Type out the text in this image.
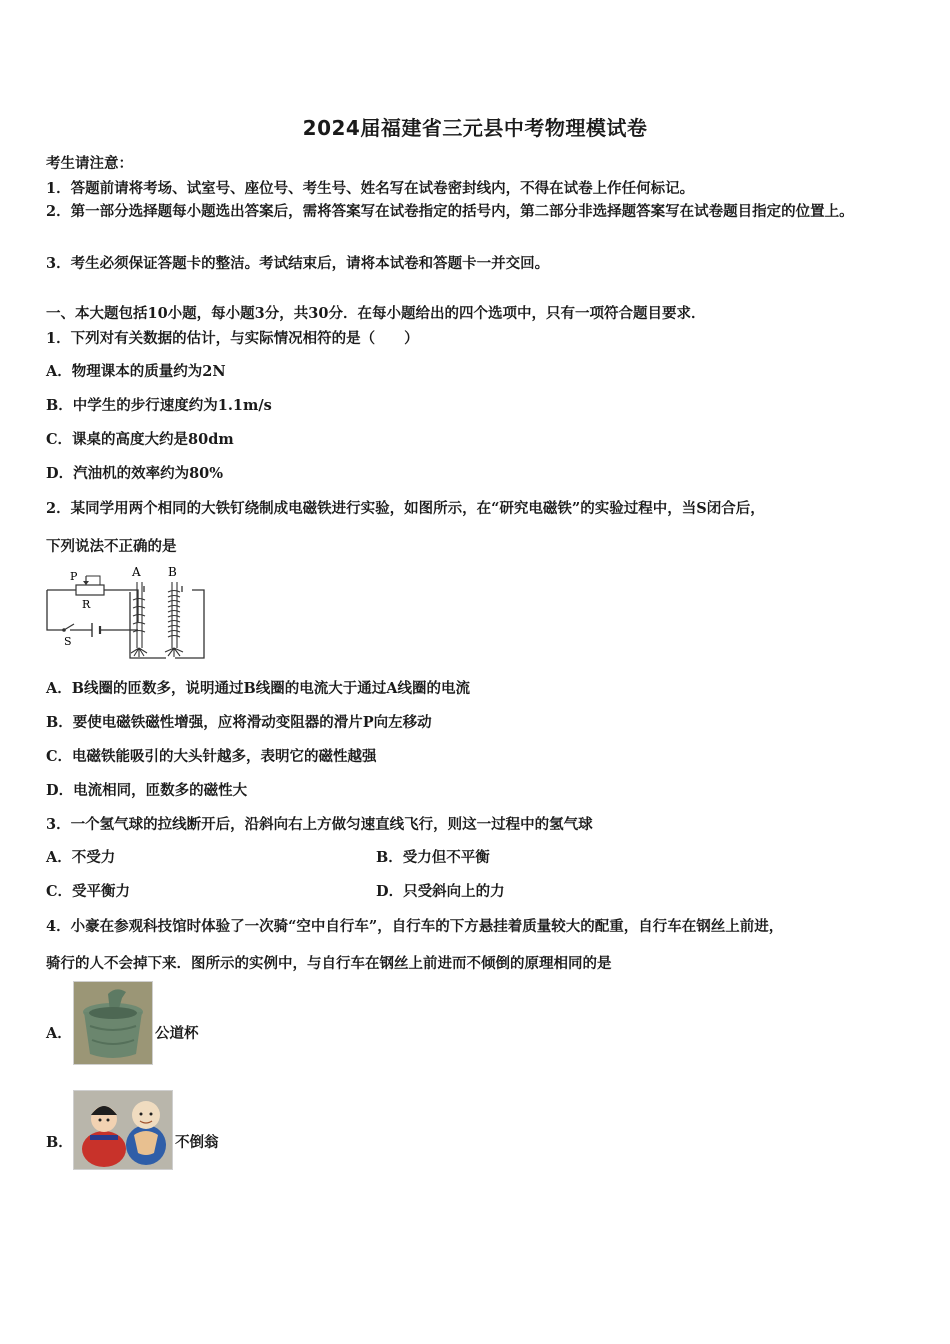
2024届福建省三元县中考物理模试卷
考生请注意：
1．答题前请将考场、试室号、座位号、考生号、姓名写在试卷密封线内，不得在试卷上作任何标记。
2．第一部分选择题每小题选出答案后，需将答案写在试卷指定的括号内，第二部分非选择题答案写在试卷题目指定的位置上。
3．考生必须保证答题卡的整洁。考试结束后，请将本试卷和答题卡一并交回。
一、本大题包括10小题，每小题3分，共30分．在每小题给出的四个选项中，只有一项符合题目要求．
1．下列对有关数据的估计，与实际情况相符的是（　　）
A．物理课本的质量约为2N
B．中学生的步行速度约为1.1m/s
C．课桌的高度大约是80dm
D．汽油机的效率约为80%
2．某同学用两个相同的大铁钉绕制成电磁铁进行实验，如图所示，在“研究电磁铁”的实验过程中，当S闭合后，
下列说法不正确的是
P
R
S
A B
A．B线圈的匝数多，说明通过B线圈的电流大于通过A线圈的电流
B．要使电磁铁磁性增强，应将滑动变阻器的滑片P向左移动
C．电磁铁能吸引的大头针越多，表明它的磁性越强
D．电流相同，匝数多的磁性大
3．一个氢气球的拉线断开后，沿斜向右上方做匀速直线飞行，则这一过程中的氢气球
A．不受力	B．受力但不平衡
C．受平衡力	D．只受斜向上的力
4．小豪在参观科技馆时体验了一次骑“空中自行车”，自行车的下方悬挂着质量较大的配重，自行车在钢丝上前进，
骑行的人不会掉下来．图所示的实例中，与自行车在钢丝上前进而不倾倒的原理相同的是
A．	公道杯
B．	不倒翁
